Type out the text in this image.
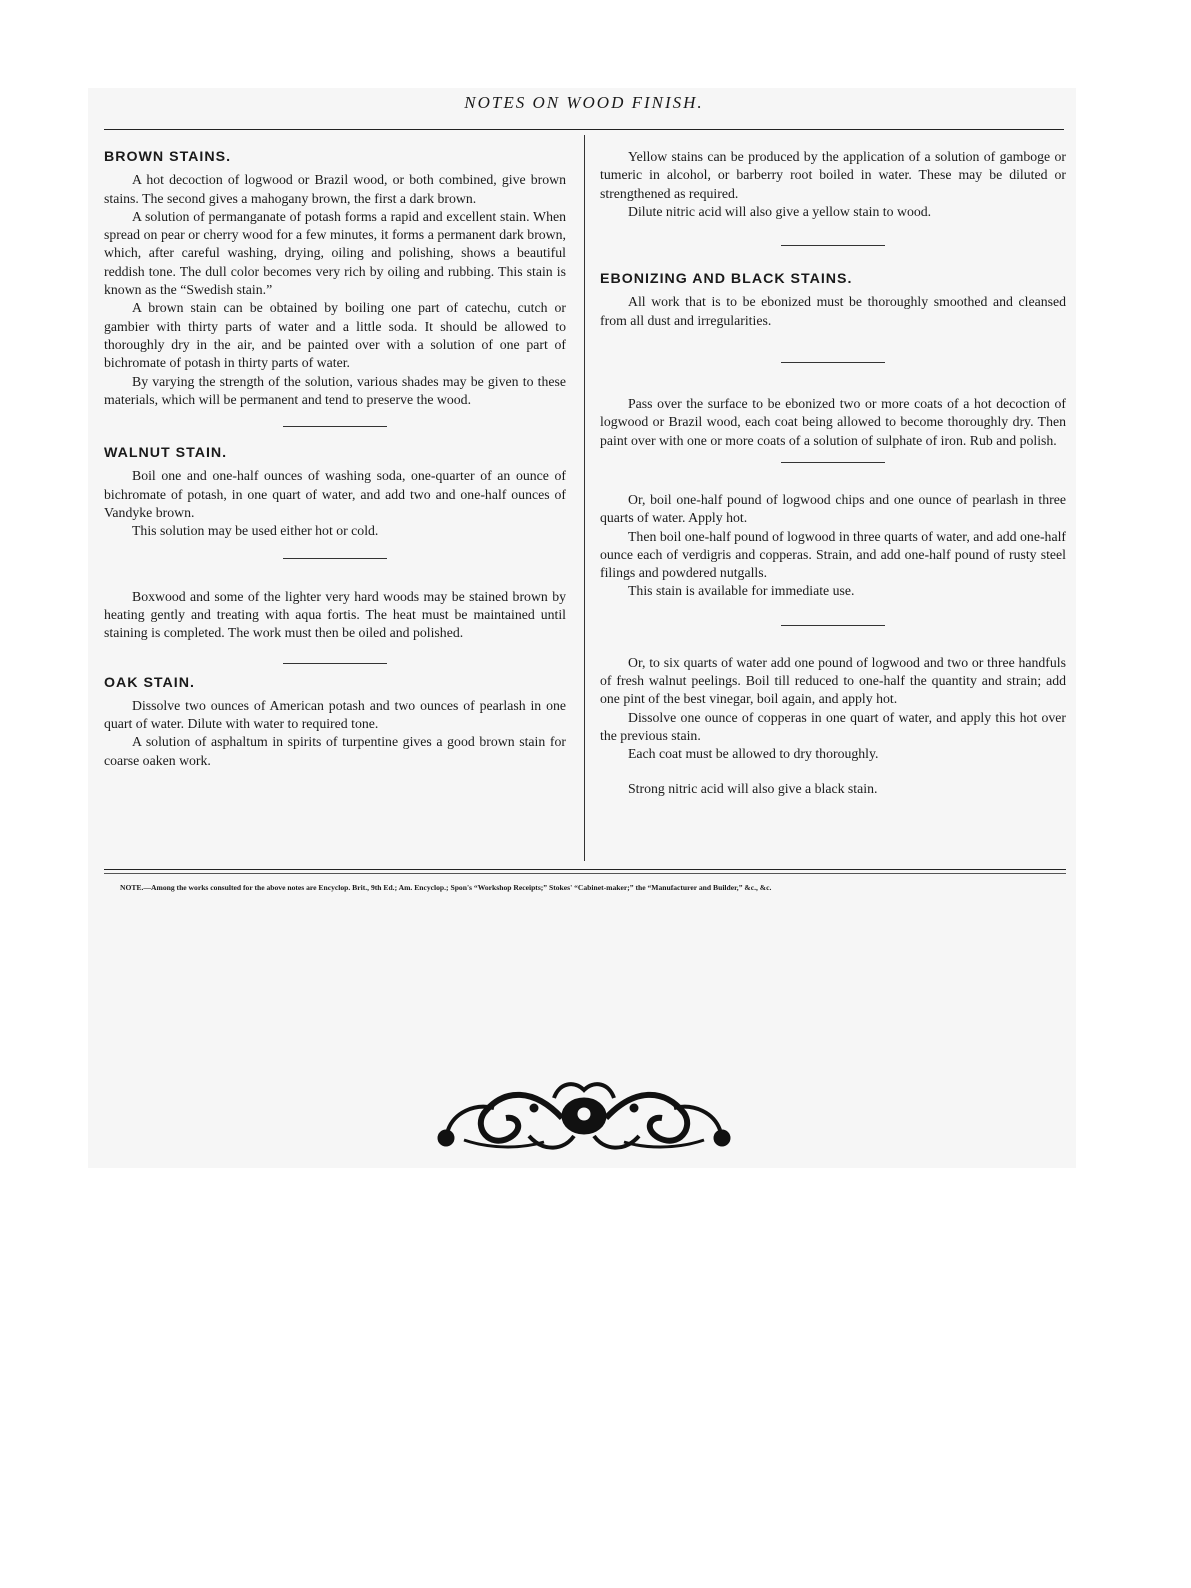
NOTES ON WOOD FINISH.
BROWN STAINS.

A hot decoction of logwood or Brazil wood, or both combined, give brown stains. The second gives a mahogany brown, the first a dark brown.

A solution of permanganate of potash forms a rapid and excellent stain. When spread on pear or cherry wood for a few minutes, it forms a permanent dark brown, which, after careful washing, drying, oiling and polishing, shows a beautiful reddish tone. The dull color becomes very rich by oiling and rubbing. This stain is known as the “Swedish stain.”

A brown stain can be obtained by boiling one part of catechu, cutch or gambier with thirty parts of water and a little soda. It should be allowed to thoroughly dry in the air, and be painted over with a solution of one part of bichromate of potash in thirty parts of water.

By varying the strength of the solution, various shades may be given to these materials, which will be permanent and tend to preserve the wood.

WALNUT STAIN.

Boil one and one-half ounces of washing soda, one-quarter of an ounce of bichromate of potash, in one quart of water, and add two and one-half ounces of Vandyke brown.

This solution may be used either hot or cold.

Boxwood and some of the lighter very hard woods may be stained brown by heating gently and treating with aqua fortis. The heat must be maintained until staining is completed. The work must then be oiled and polished.

OAK STAIN.

Dissolve two ounces of American potash and two ounces of pearlash in one quart of water. Dilute with water to required tone.

A solution of asphaltum in spirits of turpentine gives a good brown stain for coarse oaken work.

Yellow stains can be produced by the application of a solution of gamboge or tumeric in alcohol, or barberry root boiled in water. These may be diluted or strengthened as required.

Dilute nitric acid will also give a yellow stain to wood.

EBONIZING AND BLACK STAINS.

All work that is to be ebonized must be thoroughly smoothed and cleansed from all dust and irregularities.

Pass over the surface to be ebonized two or more coats of a hot decoction of logwood or Brazil wood, each coat being allowed to become thoroughly dry. Then paint over with one or more coats of a solution of sulphate of iron. Rub and polish.

Or, boil one-half pound of logwood chips and one ounce of pearlash in three quarts of water. Apply hot.

Then boil one-half pound of logwood in three quarts of water, and add one-half ounce each of verdigris and copperas. Strain, and add one-half pound of rusty steel filings and powdered nutgalls.

This stain is available for immediate use.

Or, to six quarts of water add one pound of logwood and two or three handfuls of fresh walnut peelings. Boil till reduced to one-half the quantity and strain; add one pint of the best vinegar, boil again, and apply hot.

Dissolve one ounce of copperas in one quart of water, and apply this hot over the previous stain.

Each coat must be allowed to dry thoroughly.

Strong nitric acid will also give a black stain.

NOTE.—Among the works consulted for the above notes are Encyclop. Brit., 9th Ed.; Am. Encyclop.; Spon's “Workshop Receipts;” Stokes' “Cabinet-maker;” the “Manufacturer and Builder,” &c., &c.
